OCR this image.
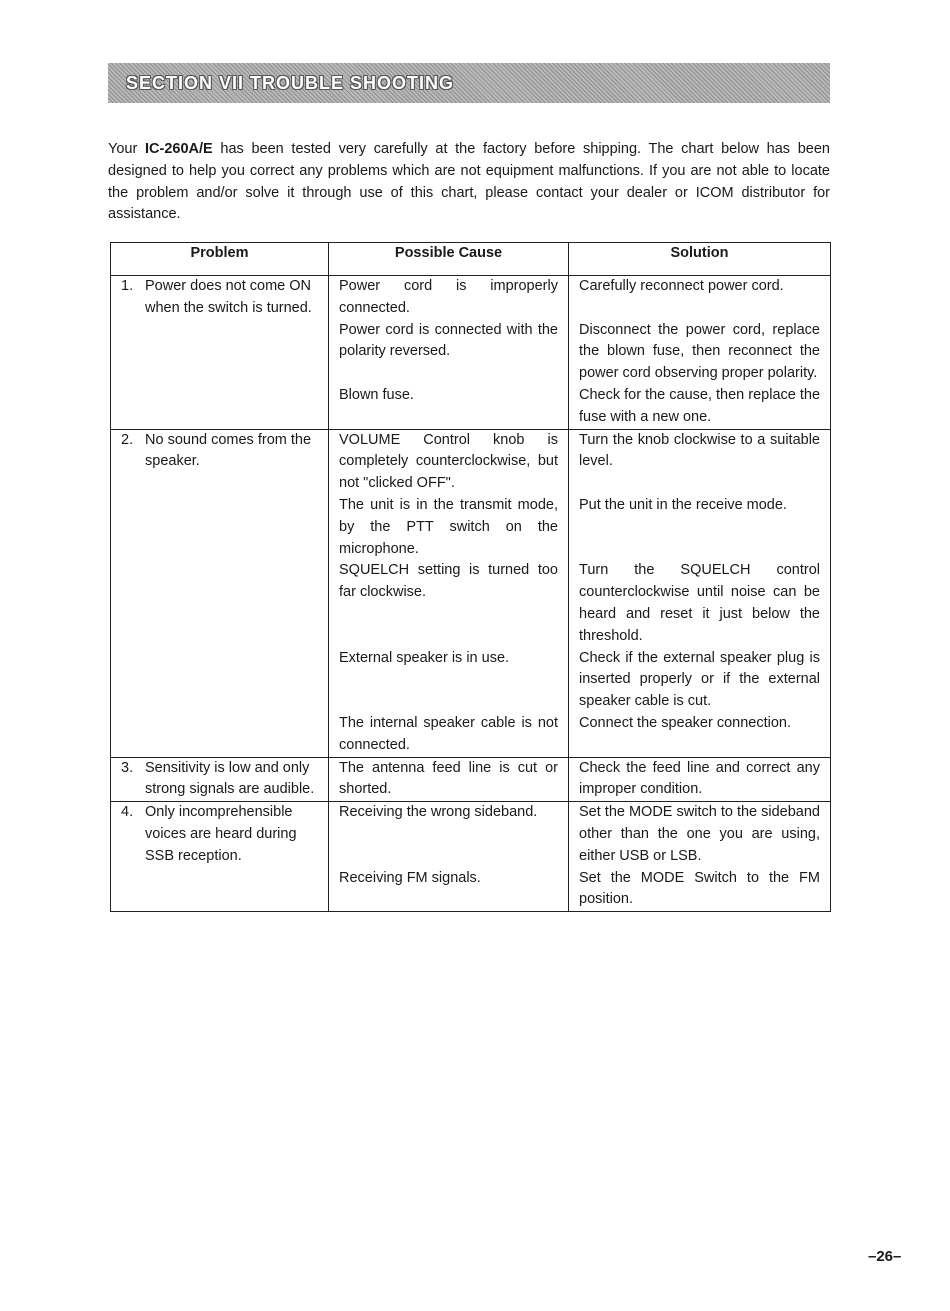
SECTION VII TROUBLE SHOOTING

Your IC-260A/E has been tested very carefully at the factory before shipping. The chart below has been designed to help you correct any problems which are not equipment malfunctions. If you are not able to locate the problem and/or solve it through use of this chart, please contact your dealer or ICOM distributor for assistance.

Problem	Possible Cause	Solution

1. Power does not come ON when the switch is turned.	Power cord is improperly connected.	Carefully reconnect power cord.
	Power cord is connected with the polarity reversed.	Disconnect the power cord, replace the blown fuse, then reconnect the power cord observing proper polarity.
	Blown fuse.	Check for the cause, then replace the fuse with a new one.

2. No sound comes from the speaker.	VOLUME Control knob is completely counterclockwise, but not "clicked OFF".	Turn the knob clockwise to a suitable level.
	The unit is in the transmit mode, by the PTT switch on the microphone.	Put the unit in the receive mode.
	SQUELCH setting is turned too far clockwise.	Turn the SQUELCH control counterclockwise until noise can be heard and reset it just below the threshold.
	External speaker is in use.	Check if the external speaker plug is inserted properly or if the external speaker cable is cut.
	The internal speaker cable is not connected.	Connect the speaker connection.

3. Sensitivity is low and only strong signals are audible.	The antenna feed line is cut or shorted.	Check the feed line and correct any improper condition.

4. Only incomprehensible voices are heard during SSB reception.	Receiving the wrong sideband.	Set the MODE switch to the sideband other than the one you are using, either USB or LSB.
	Receiving FM signals.	Set the MODE Switch to the FM position.
–26–
